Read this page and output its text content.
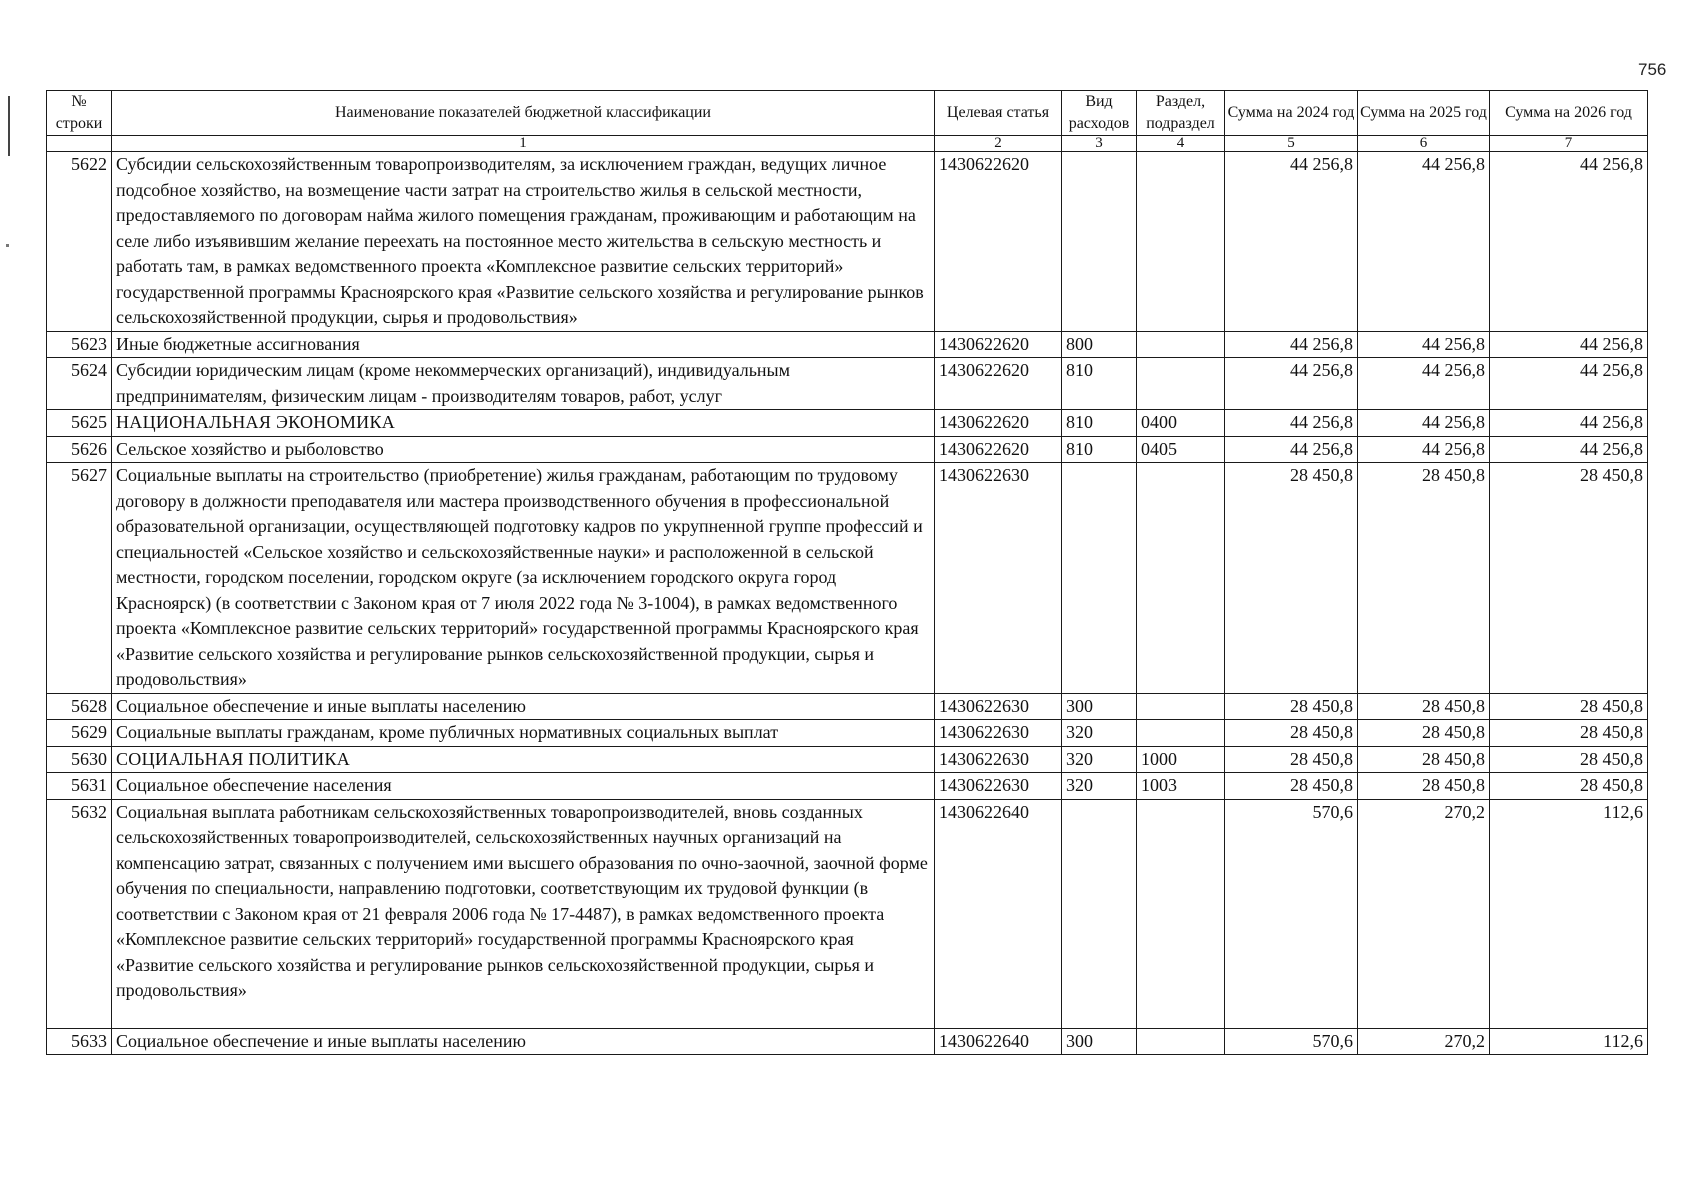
756
№ строки	Наименование показателей бюджетной классификации	Целевая статья	Вид расходов	Раздел, подраздел	Сумма на 2024 год	Сумма на 2025 год	Сумма на 2026 год
	1	2	3	4	5	6	7
5622	Субсидии сельскохозяйственным товаропроизводителям, за исключением граждан, ведущих личное подсобное хозяйство, на возмещение части затрат на строительство жилья в сельской местности, предоставляемого по договорам найма жилого помещения гражданам, проживающим и работающим на селе либо изъявившим желание переехать на постоянное место жительства в сельскую местность и работать там, в рамках ведомственного проекта «Комплексное развитие сельских территорий» государственной программы Красноярского края «Развитие сельского хозяйства и регулирование рынков сельскохозяйственной продукции, сырья и продовольствия»	1430622620			44 256,8	44 256,8	44 256,8
5623	Иные бюджетные ассигнования	1430622620	800		44 256,8	44 256,8	44 256,8
5624	Субсидии юридическим лицам (кроме некоммерческих организаций), индивидуальным предпринимателям, физическим лицам - производителям товаров, работ, услуг	1430622620	810		44 256,8	44 256,8	44 256,8
5625	НАЦИОНАЛЬНАЯ ЭКОНОМИКА	1430622620	810	0400	44 256,8	44 256,8	44 256,8
5626	Сельское хозяйство и рыболовство	1430622620	810	0405	44 256,8	44 256,8	44 256,8
5627	Социальные выплаты на строительство (приобретение) жилья гражданам, работающим по трудовому договору в должности преподавателя или мастера производственного обучения в профессиональной образовательной организации, осуществляющей подготовку кадров по укрупненной группе профессий и специальностей «Сельское хозяйство и сельскохозяйственные науки» и расположенной в сельской местности, городском поселении, городском округе (за исключением городского округа город Красноярск) (в соответствии с Законом края от 7 июля 2022 года № 3-1004), в рамках ведомственного проекта «Комплексное развитие сельских территорий» государственной программы Красноярского края «Развитие сельского хозяйства и регулирование рынков сельскохозяйственной продукции, сырья и продовольствия»	1430622630			28 450,8	28 450,8	28 450,8
5628	Социальное обеспечение и иные выплаты населению	1430622630	300		28 450,8	28 450,8	28 450,8
5629	Социальные выплаты гражданам, кроме публичных нормативных социальных выплат	1430622630	320		28 450,8	28 450,8	28 450,8
5630	СОЦИАЛЬНАЯ ПОЛИТИКА	1430622630	320	1000	28 450,8	28 450,8	28 450,8
5631	Социальное обеспечение населения	1430622630	320	1003	28 450,8	28 450,8	28 450,8
5632	Социальная выплата работникам сельскохозяйственных товаропроизводителей, вновь созданных сельскохозяйственных товаропроизводителей, сельскохозяйственных научных организаций на компенсацию затрат, связанных с получением ими высшего образования по очно-заочной, заочной форме обучения по специальности, направлению подготовки, соответствующим их трудовой функции (в соответствии с Законом края от 21 февраля 2006 года № 17-4487), в рамках ведомственного проекта «Комплексное развитие сельских территорий» государственной программы Красноярского края «Развитие сельского хозяйства и регулирование рынков сельскохозяйственной продукции, сырья и продовольствия»	1430622640			570,6	270,2	112,6
5633	Социальное обеспечение и иные выплаты населению	1430622640	300		570,6	270,2	112,6
